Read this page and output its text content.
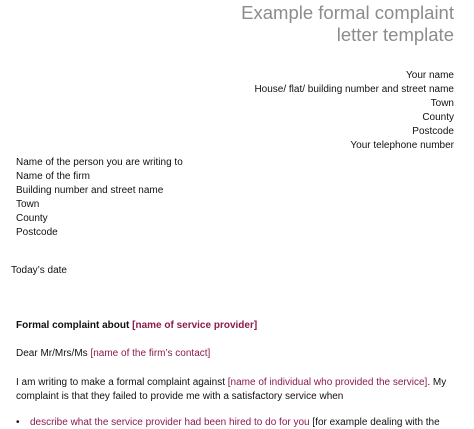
Example formal complaint
letter template
Your name
House/ flat/ building number and street name
Town
County
Postcode
Your telephone number
Name of the person you are writing to
Name of the firm
Building number and street name
Town
County
Postcode
Today’s date
Formal complaint about [name of service provider]
Dear Mr/Mrs/Ms [name of the firm’s contact]
I am writing to make a formal complaint against [name of individual who provided the service]. My
complaint is that they failed to provide me with a satisfactory service when
• describe what the service provider had been hired to do for you [for example dealing with the
